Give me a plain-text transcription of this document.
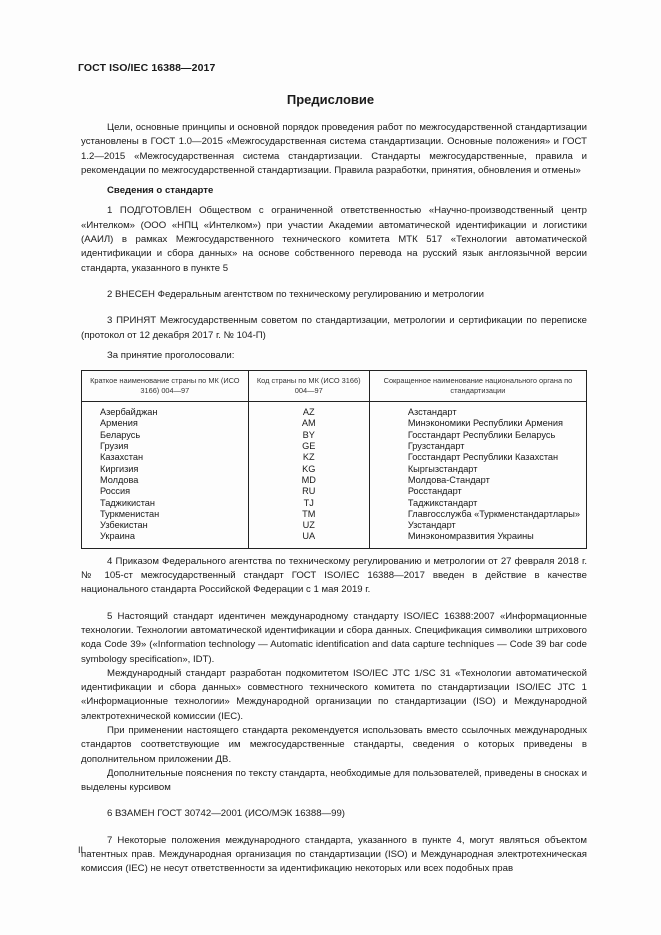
ГОСТ ISO/IEC 16388—2017
Предисловие

Цели, основные принципы и основной порядок проведения работ по межгосударственной стандартизации установлены в ГОСТ 1.0—2015 «Межгосударственная система стандартизации. Основные положения» и ГОСТ 1.2—2015 «Межгосударственная система стандартизации. Стандарты межгосударственные, правила и рекомендации по межгосударственной стандартизации. Правила разработки, принятия, обновления и отмены»

Сведения о стандарте

1 ПОДГОТОВЛЕН Обществом с ограниченной ответственностью «Научно-производственный центр «Интелком» (ООО «НПЦ «Интелком») при участии Академии автоматической идентификации и логистики (ААИЛ) в рамках Межгосударственного технического комитета МТК 517 «Технологии автоматической идентификации и сбора данных» на основе собственного перевода на русский язык англоязычной версии стандарта, указанного в пункте 5

2 ВНЕСЕН Федеральным агентством по техническому регулированию и метрологии

3 ПРИНЯТ Межгосударственным советом по стандартизации, метрологии и сертификации по переписке (протокол от 12 декабря 2017 г. № 104-П)

За принятие проголосовали:

Краткое наименование страны по МК (ИСО 3166) 004—97	Код страны по МК (ИСО 3166) 004—97	Сокращенное наименование национального органа по стандартизации
Азербайджан	AZ	Азстандарт
Армения	AM	Минэкономики Республики Армения
Беларусь	BY	Госстандарт Республики Беларусь
Грузия	GE	Грузстандарт
Казахстан	KZ	Госстандарт Республики Казахстан
Киргизия	KG	Кыргызстандарт
Молдова	MD	Молдова-Стандарт
Россия	RU	Росстандарт
Таджикистан	TJ	Таджикстандарт
Туркменистан	TM	Главгосслужба «Туркменстандартлары»
Узбекистан	UZ	Узстандарт
Украина	UA	Минэкономразвития Украины

4 Приказом Федерального агентства по техническому регулированию и метрологии от 27 февраля 2018 г. № 105-ст межгосударственный стандарт ГОСТ ISO/IEC 16388—2017 введен в действие в качестве национального стандарта Российской Федерации с 1 мая 2019 г.

5 Настоящий стандарт идентичен международному стандарту ISO/IEC 16388:2007 «Информационные технологии. Технологии автоматической идентификации и сбора данных. Спецификация символики штрихового кода Code 39» («Information technology — Automatic identification and data capture techniques — Code 39 bar code symbology specification», IDT).

Международный стандарт разработан подкомитетом ISO/IEC JTC 1/SC 31 «Технологии автоматической идентификации и сбора данных» совместного технического комитета по стандартизации ISO/IEC JTC 1 «Информационные технологии» Международной организации по стандартизации (ISO) и Международной электротехнической комиссии (IEC).

При применении настоящего стандарта рекомендуется использовать вместо ссылочных международных стандартов соответствующие им межгосударственные стандарты, сведения о которых приведены в дополнительном приложении ДВ.

Дополнительные пояснения по тексту стандарта, необходимые для пользователей, приведены в сносках и выделены курсивом

6 ВЗАМЕН ГОСТ 30742—2001 (ИСО/МЭК 16388—99)

7 Некоторые положения международного стандарта, указанного в пункте 4, могут являться объектом патентных прав. Международная организация по стандартизации (ISO) и Международная электротехническая комиссия (IEC) не несут ответственности за идентификацию некоторых или всех подобных прав

II
